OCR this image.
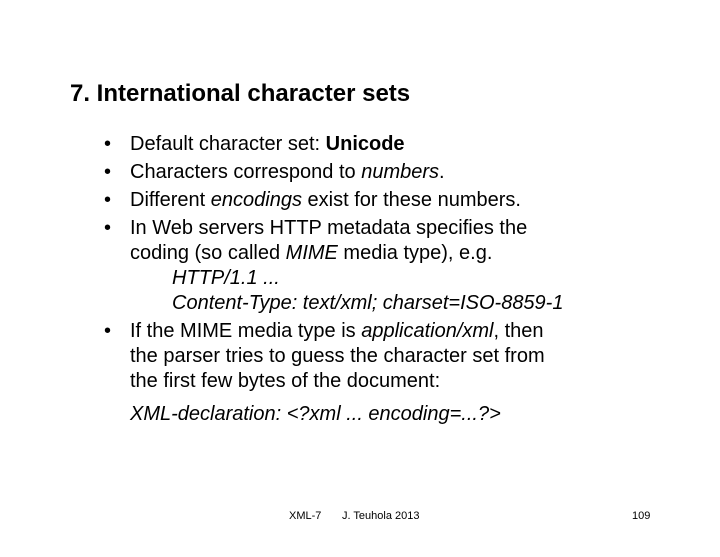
7. International character sets
• Default character set: Unicode
• Characters correspond to numbers.
• Different encodings exist for these numbers.
• In Web servers HTTP metadata specifies the
coding (so called MIME media type), e.g.
HTTP/1.1 ...
Content-Type: text/xml; charset=ISO-8859-1
• If the MIME media type is application/xml, then
the parser tries to guess the character set from
the first few bytes of the document:
XML-declaration: <?xml ... encoding=...?>
XML-7 J. Teuhola 2013	109
